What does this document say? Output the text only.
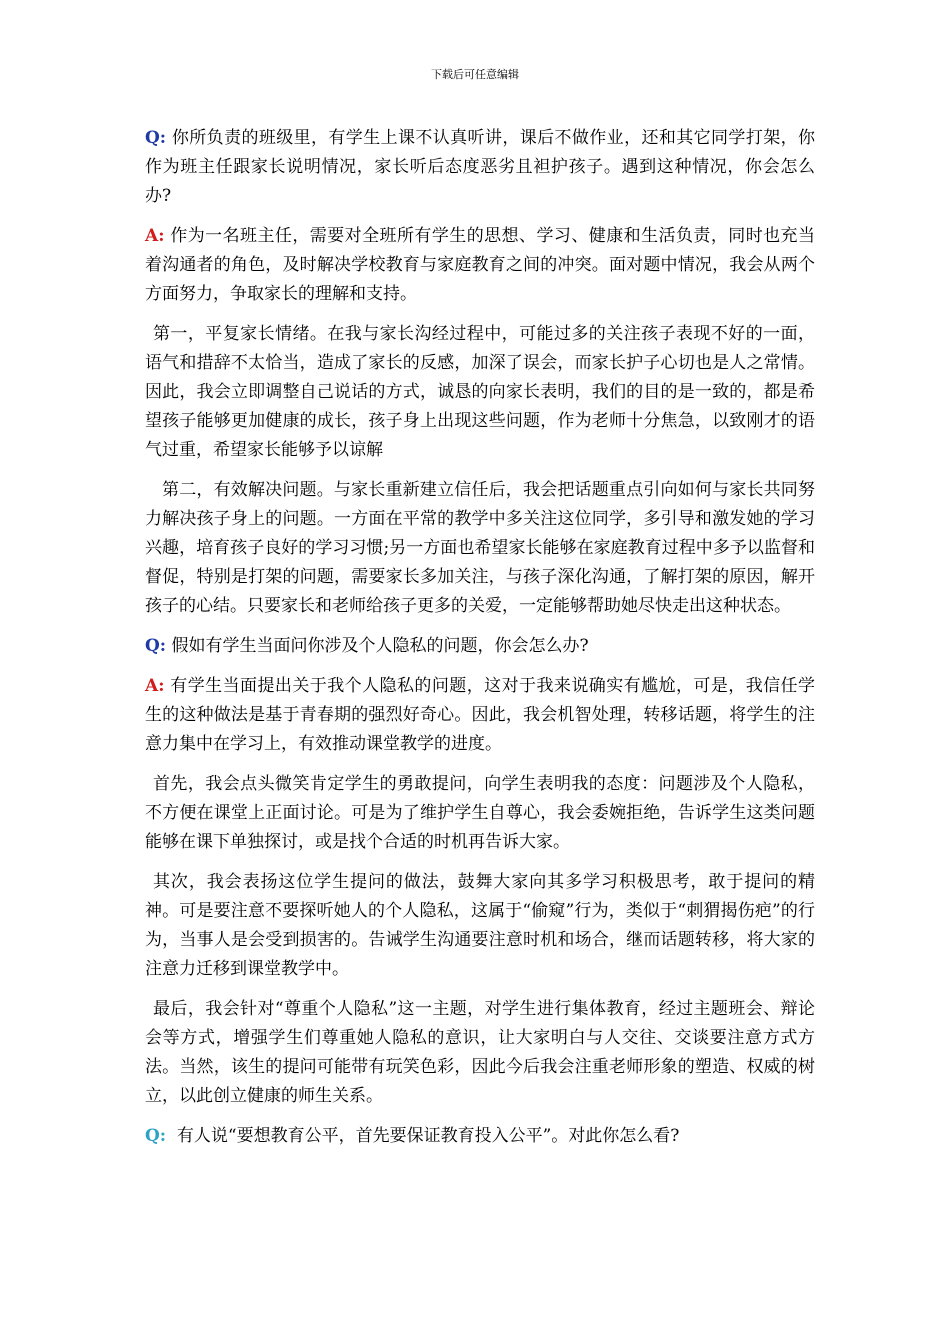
下载后可任意编辑

Q: 你所负责的班级里，有学生上课不认真听讲，课后不做作业，还和其它同学打架，你作为班主任跟家长说明情况，家长听后态度恶劣且袒护孩子。遇到这种情况，你会怎么办?

A: 作为一名班主任，需要对全班所有学生的思想、学习、健康和生活负责，同时也充当着沟通者的角色，及时解决学校教育与家庭教育之间的冲突。面对题中情况，我会从两个方面努力，争取家长的理解和支持。

第一，平复家长情绪。在我与家长沟经过程中，可能过多的关注孩子表现不好的一面，语气和措辞不太恰当，造成了家长的反感，加深了误会，而家长护子心切也是人之常情。因此，我会立即调整自己说话的方式，诚恳的向家长表明，我们的目的是一致的，都是希望孩子能够更加健康的成长，孩子身上出现这些问题，作为老师十分焦急，以致刚才的语气过重，希望家长能够予以谅解

第二，有效解决问题。与家长重新建立信任后，我会把话题重点引向如何与家长共同努力解决孩子身上的问题。一方面在平常的教学中多关注这位同学，多引导和激发她的学习兴趣，培育孩子良好的学习习惯;另一方面也希望家长能够在家庭教育过程中多予以监督和督促，特别是打架的问题，需要家长多加关注，与孩子深化沟通，了解打架的原因，解开孩子的心结。只要家长和老师给孩子更多的关爱，一定能够帮助她尽快走出这种状态。

Q: 假如有学生当面问你涉及个人隐私的问题，你会怎么办?

A: 有学生当面提出关于我个人隐私的问题，这对于我来说确实有尴尬，可是，我信任学生的这种做法是基于青春期的强烈好奇心。因此，我会机智处理，转移话题，将学生的注意力集中在学习上，有效推动课堂教学的进度。

首先，我会点头微笑肯定学生的勇敢提问，向学生表明我的态度：问题涉及个人隐私，不方便在课堂上正面讨论。可是为了维护学生自尊心，我会委婉拒绝，告诉学生这类问题能够在课下单独探讨，或是找个合适的时机再告诉大家。

其次，我会表扬这位学生提问的做法，鼓舞大家向其多学习积极思考，敢于提问的精神。可是要注意不要探听她人的个人隐私，这属于“偷窥”行为，类似于“刺猬揭伤疤”的行为，当事人是会受到损害的。告诫学生沟通要注意时机和场合，继而话题转移，将大家的注意力迁移到课堂教学中。

最后，我会针对“尊重个人隐私”这一主题，对学生进行集体教育，经过主题班会、辩论会等方式，增强学生们尊重她人隐私的意识，让大家明白与人交往、交谈要注意方式方法。当然，该生的提问可能带有玩笑色彩，因此今后我会注重老师形象的塑造、权威的树立，以此创立健康的师生关系。

Q:  有人说“要想教育公平，首先要保证教育投入公平”。对此你怎么看?
